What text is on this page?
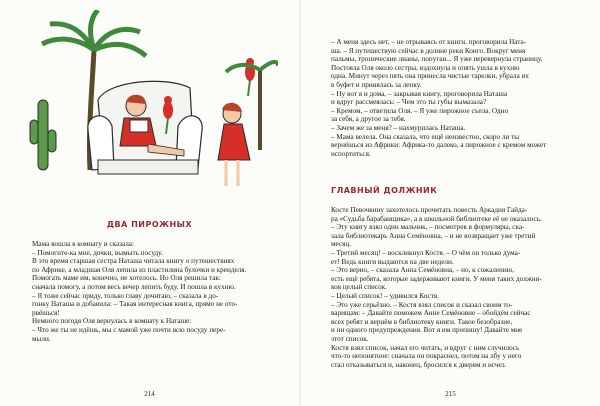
ДВА ПИРОЖНЫХ

Мама вошла в комнату и сказала:

– Помогите-ка мне, дочки, вымыть посуду.

В это время старшая сестра Наташа читала книгу о путешествиях

по Африке, а младшая Оля лепила из пластилина булочки и кренделя.

Помогать маме им, конечно, не хотелось. Но Оля решила так:

сначала помогу, а потом весь вечер лепить буду. И пошла в кухню.

– Я тоже сейчас приду, только главу дочитаю, – сказала в до-

гонку Наташа и добавила: – Такая интересная книга, прямо не ото-

рвёшься!

Немного погодя Оля вернулась в комнату к Наташе:

– Что же ты не идёшь, мы с мамой уже почти всю посуду пере-

мыли.

214

– А меня здесь нет, – не отрываясь от книги, проговорила Ната-

ша. – Я путешествую сейчас в долине реки Конго. Вокруг меня

пальмы, тропические лианы, попугаи... Я уже перевернула страницу.

Постояла Оля около сестры, вздохнула и опять ушла в кухню

одна. Минут через пять она принесла чистые тарелки, убрала их

в буфет и принялась за лепку.

– Ну вот я и дома, – закрывая книгу, проговорила Наташа

и вдруг рассмеялась: – Чем это ты губы вымазала?

– Кремом, – ответила Оля. – Я уже пирожное съела. Одно

за себя, а другое за тебя.

– Зачем же за меня? – нахмурилась Наташа.

– Мама велела. Она сказала, что ещё неизвестно, скоро ли ты

вернёшься из Африки: Африка-то далеко, а пирожное с кремом может

испортиться.

ГЛАВНЫЙ ДОЛЖНИК

Косте Певочкину захотелось прочитать повесть Аркадия Гайда-

ра «Судьба барабанщика», а в школьной библиотеке её не оказалось.

– Эту книгу взял один мальчик, – посмотрев в формуляры, ска-

зала библиотекарь Анна Семёновна, – и не возвращает уже третий

месяц.

– Третий месяц! – воскликнул Костя. – О чём он только дума-

ет! Ведь книги выдаются на две недели.

– Это верно, – сказала Анна Семёновна, – но, к сожалению,

есть ещё ребята, которые задерживают книги. У меня таких должни-

ков целый список.

– Целый список! – удивился Костя.

– Это уже серьёзно. – Костя взял список и сказал своим то-

варищам: – Давайте поможем Анне Семёновне – обойдём сейчас

всех ребят и вернём в библиотеку книги. Такое безобразие,

и ни одного предупреждения. Вот я им пропишу! Давайте мне

этот список.

Костя взял список, начал его читать, и вдруг с ним случилось

что-то непонятное: сначала он покраснел, потом на лбу у него

стал отказываться и, наконец, бросился к дверям и исчез.

215
